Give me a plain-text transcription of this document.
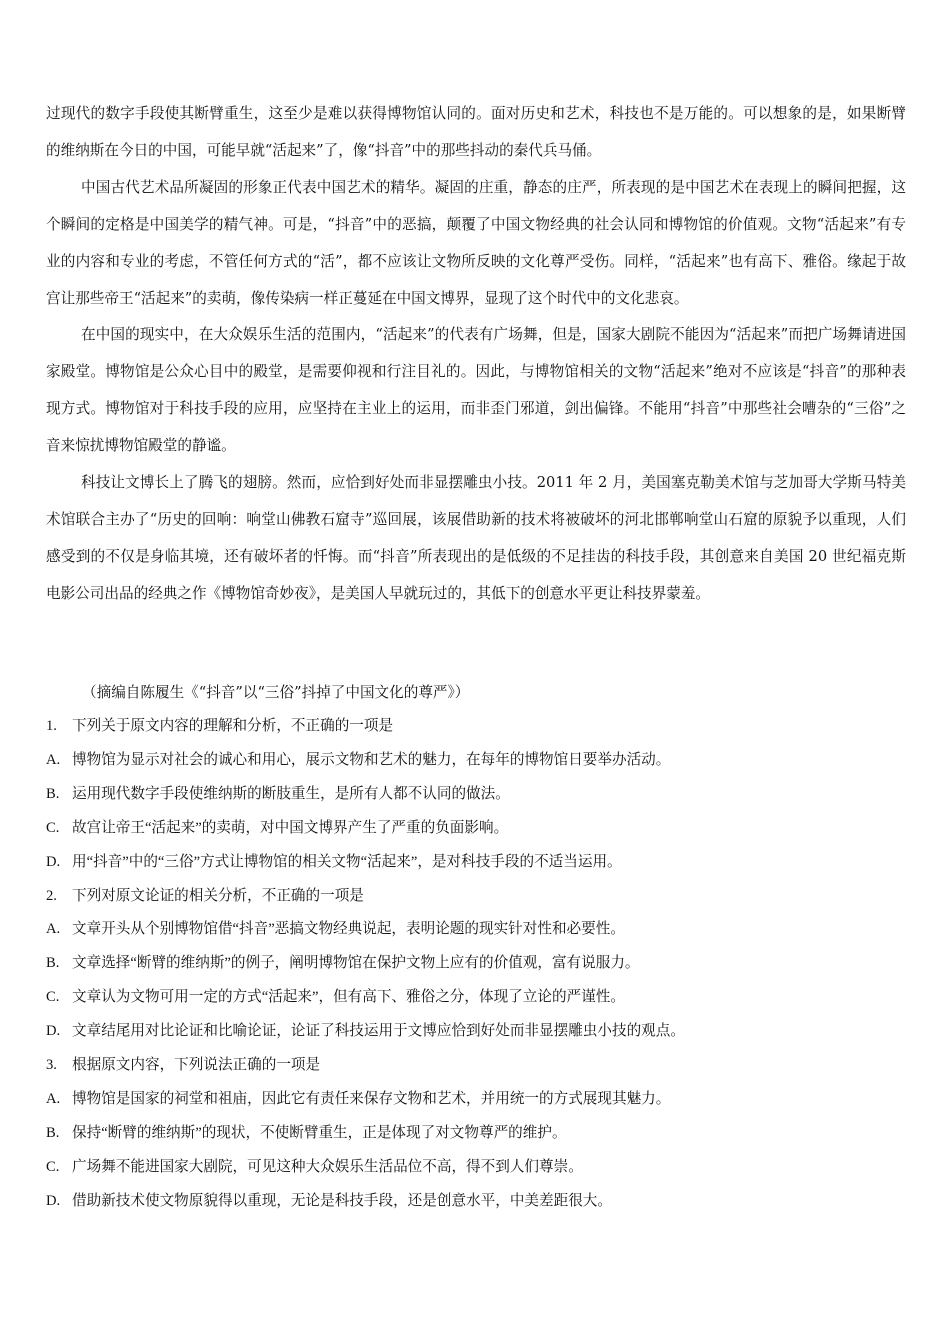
过现代的数字手段使其断臂重生，这至少是难以获得博物馆认同的。面对历史和艺术，科技也不是万能的。可以想象的是，如果断臂的维纳斯在今日的中国，可能早就“活起来”了，像“抖音”中的那些抖动的秦代兵马俑。

中国古代艺术品所凝固的形象正代表中国艺术的精华。凝固的庄重，静态的庄严，所表现的是中国艺术在表现上的瞬间把握，这个瞬间的定格是中国美学的精气神。可是，“抖音”中的恶搞，颠覆了中国文物经典的社会认同和博物馆的价值观。文物“活起来”有专业的内容和专业的考虑，不管任何方式的“活”，都不应该让文物所反映的文化尊严受伤。同样，“活起来”也有高下、雅俗。缘起于故宫让那些帝王“活起来”的卖萌，像传染病一样正蔓延在中国文博界，显现了这个时代中的文化悲哀。

在中国的现实中，在大众娱乐生活的范围内，“活起来”的代表有广场舞，但是，国家大剧院不能因为“活起来”而把广场舞请进国家殿堂。博物馆是公众心目中的殿堂，是需要仰视和行注目礼的。因此，与博物馆相关的文物“活起来”绝对不应该是“抖音”的那种表现方式。博物馆对于科技手段的应用，应坚持在主业上的运用，而非歪门邪道，剑出偏锋。不能用“抖音”中那些社会嘈杂的“三俗”之音来惊扰博物馆殿堂的静谧。

科技让文博长上了腾飞的翅膀。然而，应恰到好处而非显摆雕虫小技。2011 年 2 月，美国塞克勒美术馆与芝加哥大学斯马特美术馆联合主办了“历史的回响：响堂山佛教石窟寺”巡回展，该展借助新的技术将被破坏的河北邯郸响堂山石窟的原貌予以重现，人们感受到的不仅是身临其境，还有破坏者的忏悔。而“抖音”所表现出的是低级的不足挂齿的科技手段，其创意来自美国 20 世纪福克斯电影公司出品的经典之作《博物馆奇妙夜》，是美国人早就玩过的，其低下的创意水平更让科技界蒙羞。

（摘编自陈履生《“抖音”以“三俗”抖掉了中国文化的尊严》）
1. 下列关于原文内容的理解和分析，不正确的一项是
A. 博物馆为显示对社会的诚心和用心，展示文物和艺术的魅力，在每年的博物馆日要举办活动。
B. 运用现代数字手段使维纳斯的断肢重生，是所有人都不认同的做法。
C. 故宫让帝王“活起来”的卖萌，对中国文博界产生了严重的负面影响。
D. 用“抖音”中的“三俗”方式让博物馆的相关文物“活起来”，是对科技手段的不适当运用。
2. 下列对原文论证的相关分析，不正确的一项是
A. 文章开头从个别博物馆借“抖音”恶搞文物经典说起，表明论题的现实针对性和必要性。
B. 文章选择“断臂的维纳斯”的例子，阐明博物馆在保护文物上应有的价值观，富有说服力。
C. 文章认为文物可用一定的方式“活起来”，但有高下、雅俗之分，体现了立论的严谨性。
D. 文章结尾用对比论证和比喻论证，论证了科技运用于文博应恰到好处而非显摆雕虫小技的观点。
3. 根据原文内容，下列说法正确的一项是
A. 博物馆是国家的祠堂和祖庙，因此它有责任来保存文物和艺术，并用统一的方式展现其魅力。
B. 保持“断臂的维纳斯”的现状，不使断臂重生，正是体现了对文物尊严的维护。
C. 广场舞不能进国家大剧院，可见这种大众娱乐生活品位不高，得不到人们尊崇。
D. 借助新技术使文物原貌得以重现，无论是科技手段，还是创意水平，中美差距很大。
